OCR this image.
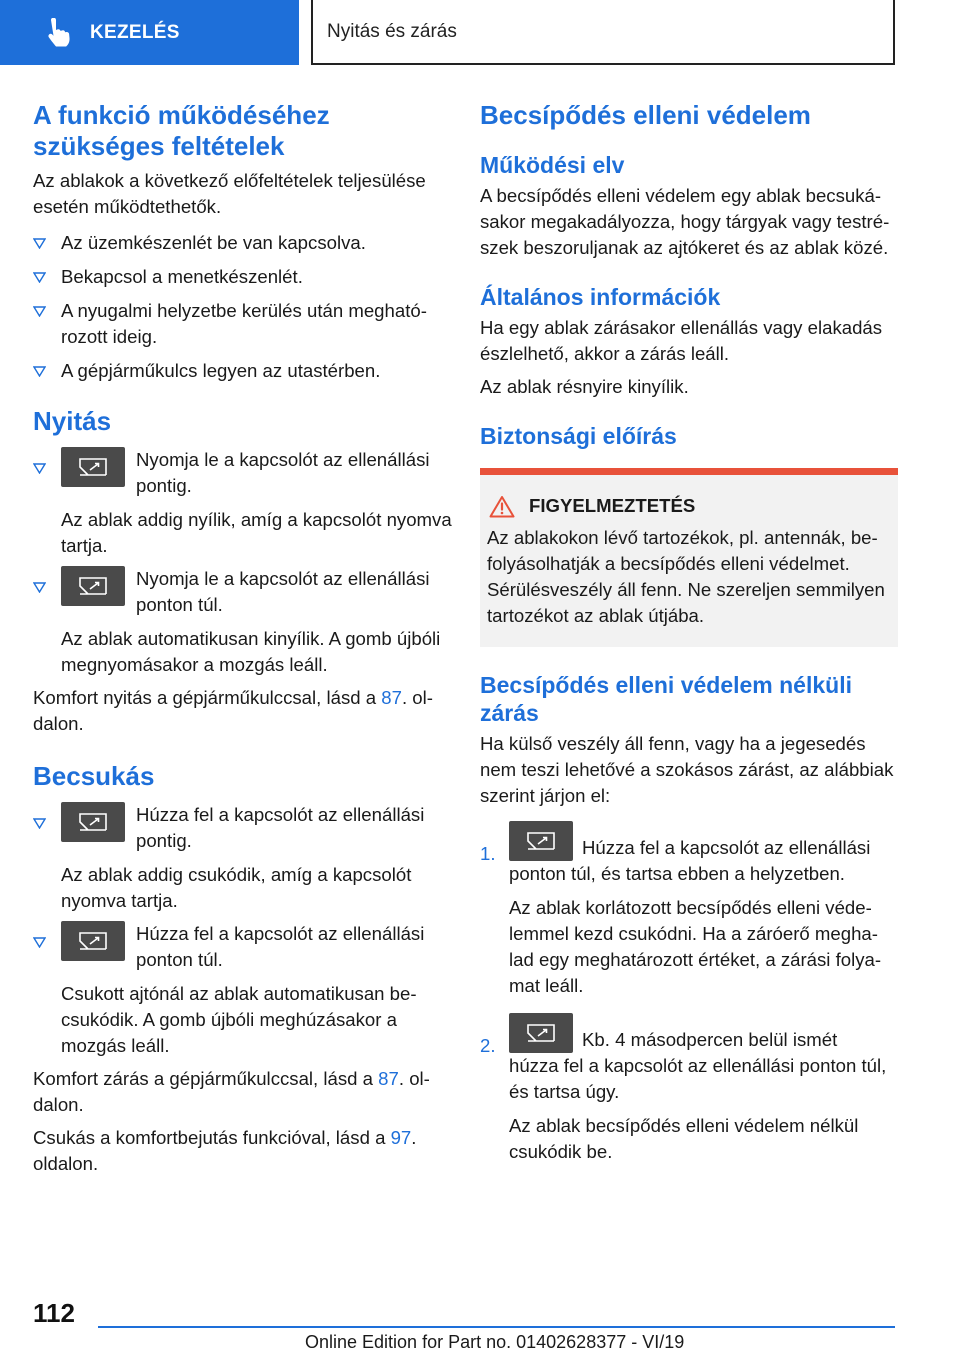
KEZELÉS	Nyitás és zárás
A funkció működéséhez szükséges feltételek

Az ablakok a következő előfeltételek teljesülése esetén működtethetők.

Az üzemkészenlét be van kapcsolva.
Bekapcsol a menetkészenlét.
A nyugalmi helyzetbe kerülés után megható‐rozott ideig.
A gépjárműkulcs legyen az utastérben.
Nyitás
Nyomja le a kapcsolót az ellenállási pontig.
Az ablak addig nyílik, amíg a kapcsolót nyomva tartja.
Nyomja le a kapcsolót az ellenállási ponton túl.
Az ablak automatikusan kinyílik. A gomb újbóli megnyomásakor a mozgás leáll.

Komfort nyitás a gépjárműkulccsal, lásd a 87. ol‐dalon.

Becsukás
Húzza fel a kapcsolót az ellenállási pontig.
Az ablak addig csukódik, amíg a kapcsolót nyomva tartja.
Húzza fel a kapcsolót az ellenállási ponton túl.
Csukott ajtónál az ablak automatikusan be‐csukódik. A gomb újbóli meghúzásakor a mozgás leáll.

Komfort zárás a gépjárműkulccsal, lásd a 87. ol‐dalon.

Csukás a komfortbejutás funkcióval, lásd a 97. oldalon.

Becsípődés elleni védelem
Működési elv

A becsípődés elleni védelem egy ablak becsuká‐sakor megakadályozza, hogy tárgyak vagy testré‐szek beszoruljanak az ajtókeret és az ablak közé.

Általános információk

Ha egy ablak zárásakor ellenállás vagy elakadás észlelhető, akkor a zárás leáll.

Az ablak résnyire kinyílik.

Biztonsági előírás
FIGYELMEZTETÉS
Az ablakokon lévő tartozékok, pl. antennák, be‐folyásolhatják a becsípődés elleni védelmet. Sérülésveszély áll fenn. Ne szereljen semmilyen tartozékot az ablak útjába.
Becsípődés elleni védelem nélküli zárás

Ha külső veszély áll fenn, vagy ha a jegesedés nem teszi lehetővé a szokásos zárást, az alábbiak szerint járjon el:

1.	Húzza fel a kapcsolót az ellenállási
ponton túl, és tartsa ebben a helyzetben.
Az ablak korlátozott becsípődés elleni véde‐lemmel kezd csukódni. Ha a záróerő megha‐lad egy meghatározott értéket, a zárási folya‐mat leáll.
2.	Kb. 4 másodpercen belül ismét
húzza fel a kapcsolót az ellenállási ponton túl, és tartsa úgy.
Az ablak becsípődés elleni védelem nélkül csukódik be.
112
Online Edition for Part no. 01402628377 - VI/19
